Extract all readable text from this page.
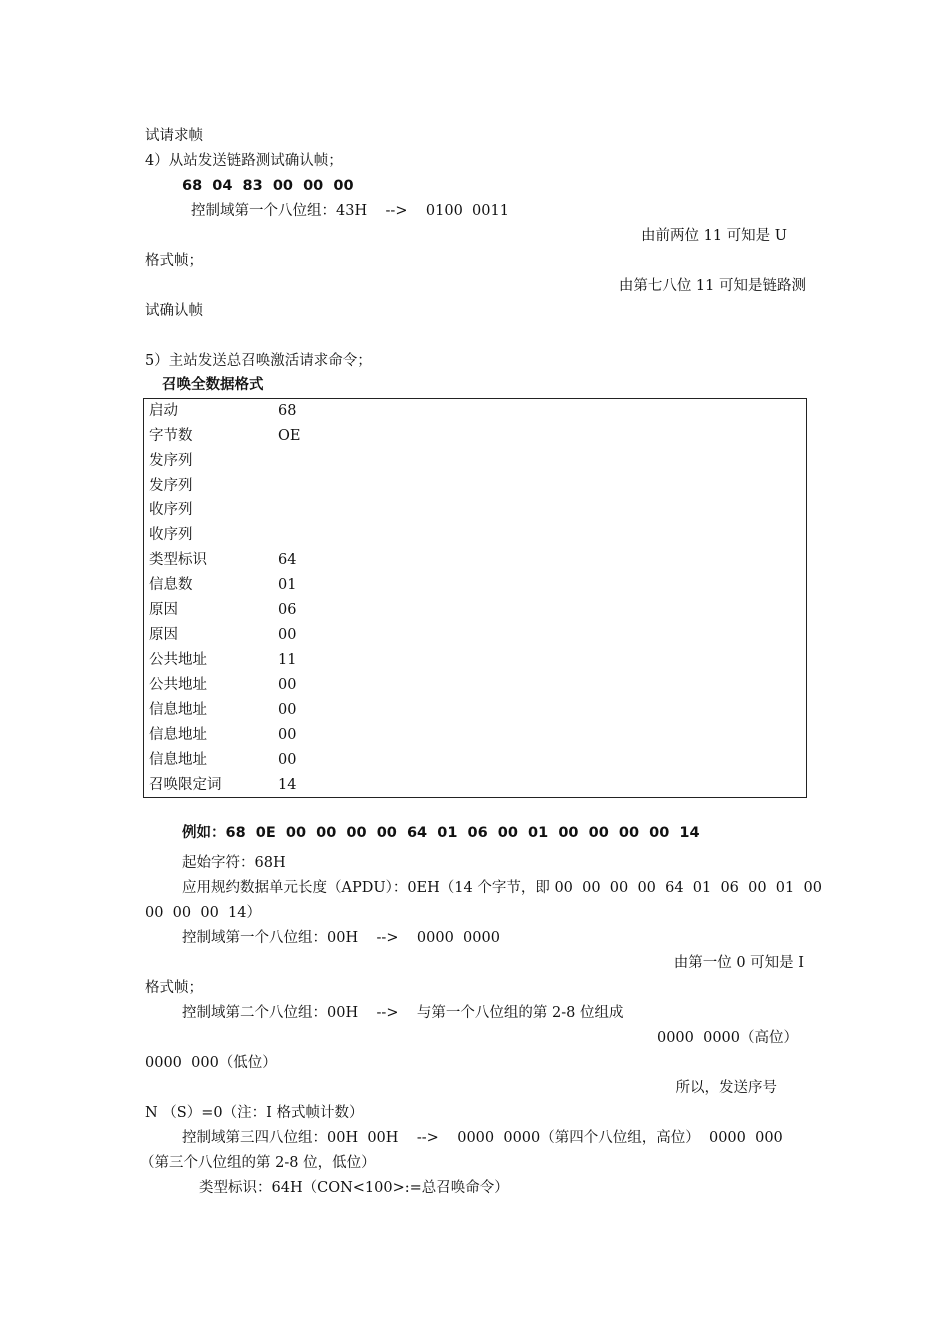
试请求帧
4）从站发送链路测试确认帧；
68  04  83  00  00  00
控制域第一个八位组：43H    -->    0100  0011
由前两位 11 可知是 U
格式帧；
由第七八位 11 可知是链路测
试确认帧
5）主站发送总召唤激活请求命令；
召唤全数据格式
启动	68
字节数	OE
发序列
发序列
收序列
收序列
类型标识	64
信息数	01
原因	06
原因	00
公共地址	11
公共地址	00
信息地址	00
信息地址	00
信息地址	00
召唤限定词	14
例如：68  0E  00  00  00  00  64  01  06  00  01  00  00  00  00  14
起始字符：68H
应用规约数据单元长度（APDU）：0EH（14 个字节，即 00  00  00  00  64  01  06  00  01  00
00  00  00  14）
控制域第一个八位组：00H    -->    0000  0000
由第一位 0 可知是 I
格式帧；
控制域第二个八位组：00H    -->    与第一个八位组的第 2-8 位组成
0000  0000（高位）
0000  000（低位）
所以，发送序号
N （S）=0（注：I 格式帧计数）
控制域第三四八位组：00H  00H    -->    0000  0000（第四个八位组，高位）  0000  000
（第三个八位组的第 2-8 位，低位）
类型标识：64H（CON<100>:=总召唤命令）
